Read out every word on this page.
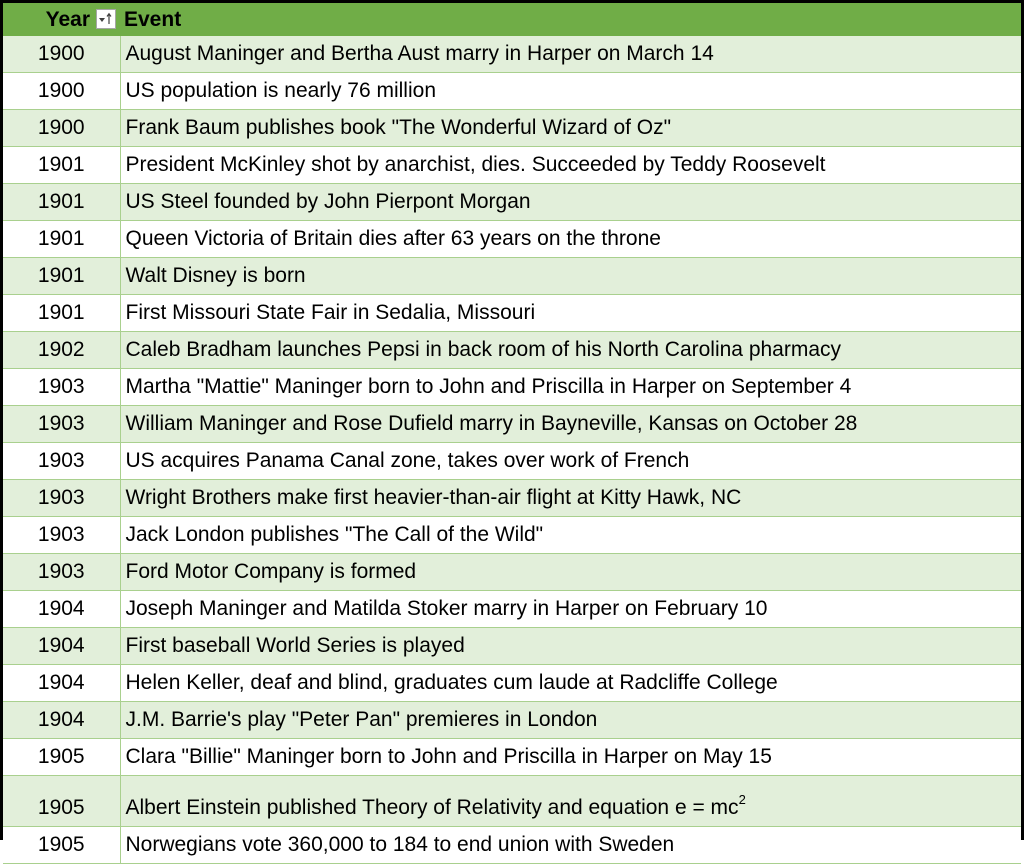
Year	Event
1900	August Maninger and Bertha Aust marry in Harper on March 14
1900	US population is nearly 76 million
1900	Frank Baum publishes book "The Wonderful Wizard of Oz"
1901	President McKinley shot by anarchist, dies. Succeeded by Teddy Roosevelt
1901	US Steel founded by John Pierpont Morgan
1901	Queen Victoria of Britain dies after 63 years on the throne
1901	Walt Disney is born
1901	First Missouri State Fair in Sedalia, Missouri
1902	Caleb Bradham launches Pepsi in back room of his North Carolina pharmacy
1903	Martha "Mattie" Maninger born to John and Priscilla in Harper on September 4
1903	William Maninger and Rose Dufield marry in Bayneville, Kansas on October 28
1903	US acquires Panama Canal zone, takes over work of French
1903	Wright Brothers make first heavier-than-air flight at Kitty Hawk, NC
1903	Jack London publishes "The Call of the Wild"
1903	Ford Motor Company is formed
1904	Joseph Maninger and Matilda Stoker marry in Harper on February 10
1904	First baseball World Series is played
1904	Helen Keller, deaf and blind, graduates cum laude at Radcliffe College
1904	J.M. Barrie's play "Peter Pan" premieres in London
1905	Clara "Billie" Maninger born to John and Priscilla in Harper on May 15
1905	Albert Einstein published Theory of Relativity and equation $e = mc^2$
1905	Norwegians vote 360,000 to 184 to end union with Sweden
